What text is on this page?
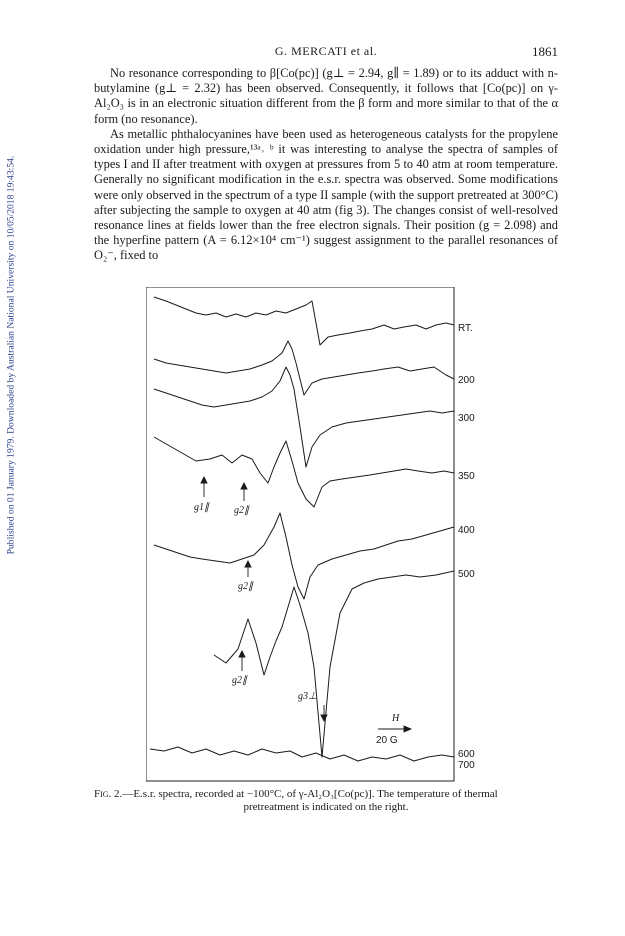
Published on 01 January 1979. Downloaded by Australian National University on 10/05/2018 19:43:54.
G. MERCATI et al.	1861

No resonance corresponding to β[Co(pc)] (g⊥ = 2.94, g∥ = 1.89) or to its adduct with n-butylamine (g⊥ = 2.32) has been observed. Consequently, it follows that [Co(pc)] on γ-Al₂O₃ is in an electronic situation different from the β form and more similar to that of the α form (no resonance).

As metallic phthalocyanines have been used as heterogeneous catalysts for the propylene oxidation under high pressure,¹³ᵃ˒ ᵇ it was interesting to analyse the spectra of samples of types I and II after treatment with oxygen at pressures from 5 to 40 atm at room temperature. Generally no significant modification in the e.s.r. spectra was observed. Some modifications were only observed in the spectrum of a type II sample (with the support pretreated at 300°C) after subjecting the sample to oxygen at 40 atm (fig 3). The changes consist of well-resolved resonance lines at fields lower than the free electron signals. Their position (g = 2.098) and the hyperfine pattern (A = 6.12×10⁴ cm⁻¹) suggest assignment to the parallel resonances of O₂⁻, fixed to

RT.
200
300
350
400
500
600
700
g1∥	g2∥
g2∥
g2∥
g3⊥
H
20 G
Fig. 2.—E.s.r. spectra, recorded at −100°C, of γ-Al₂O₃[Co(pc)]. The temperature of thermal
pretreatment is indicated on the right.
